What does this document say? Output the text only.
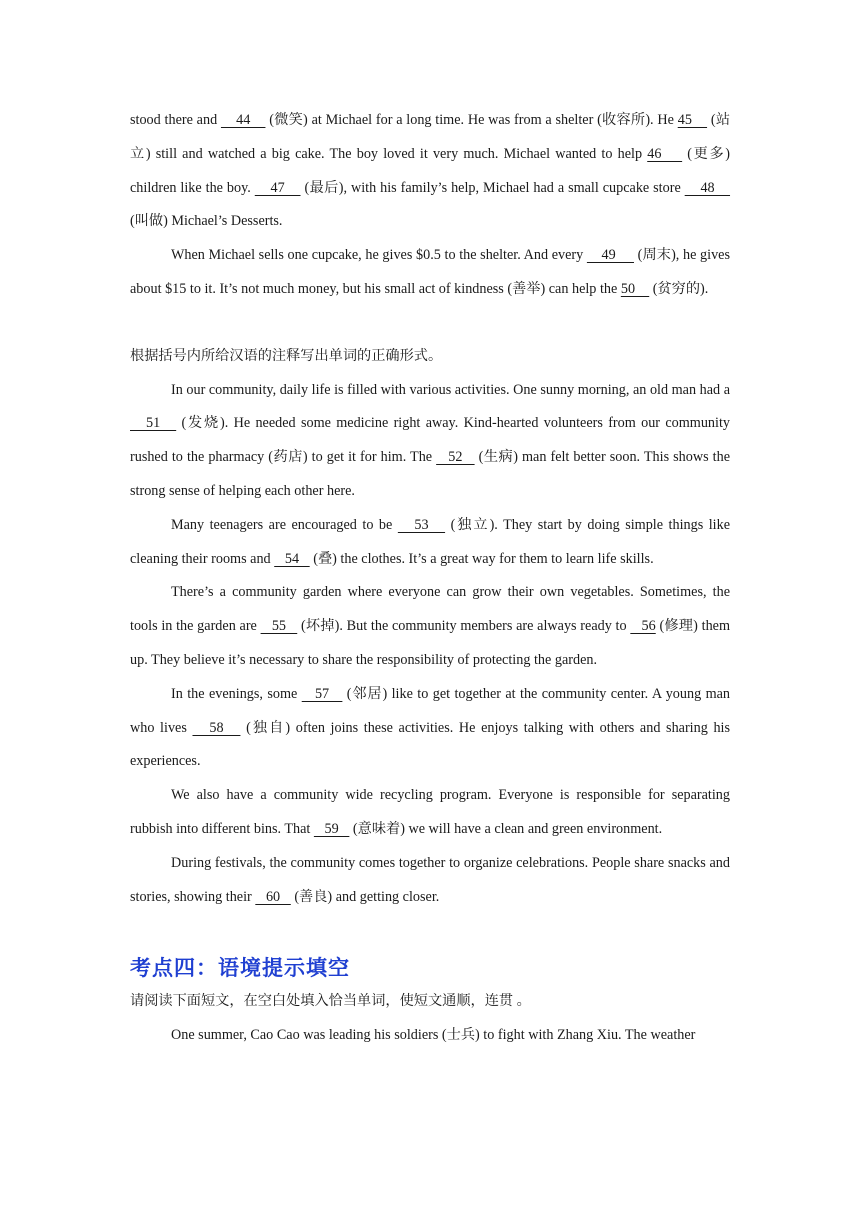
stood there and     44     (微笑) at Michael for a long time. He was from a shelter (收容所). He 45     (站立) still and watched a big cake. The boy loved it very much. Michael wanted to help 46     (更多) children like the boy.     47     (最后), with his family’s help, Michael had a small cupcake store     48     (叫做) Michael’s Desserts.

When Michael sells one cupcake, he gives $0.5 to the shelter. And every     49      (周末), he gives about $15 to it. It’s not much money, but his small act of kindness (善举) can help the 50     (贫穷的).

根据括号内所给汉语的注释写出单词的正确形式。

In our community, daily life is filled with various activities. One sunny morning, an old man had a    51    (发烧). He needed some medicine right away. Kind-hearted volunteers from our community rushed to the pharmacy (药店) to get it for him. The    52    (生病) man felt better soon. This shows the strong sense of helping each other here.

Many teenagers are encouraged to be    53    (独立). They start by doing simple things like cleaning their rooms and    54    (叠) the clothes. It’s a great way for them to learn life skills.

There’s a community garden where everyone can grow their own vegetables. Sometimes, the tools in the garden are    55    (坏掉). But the community members are always ready to    56 (修理) them up. They believe it’s necessary to share the responsibility of protecting the garden.

In the evenings, some    57    (邻居) like to get together at the community center. A young man who lives    58    (独自) often joins these activities. He enjoys talking with others and sharing his experiences.

We also have a community wide recycling program. Everyone is responsible for separating rubbish into different bins. That    59    (意味着) we will have a clean and green environment.

During festivals, the community comes together to organize celebrations. People share snacks and stories, showing their    60    (善良) and getting closer.

考点四：语境提示填空

请阅读下面短文，在空白处填入恰当单词，使短文通顺，连贯 。

One summer, Cao Cao was leading his soldiers (士兵) to fight with Zhang Xiu. The weather
